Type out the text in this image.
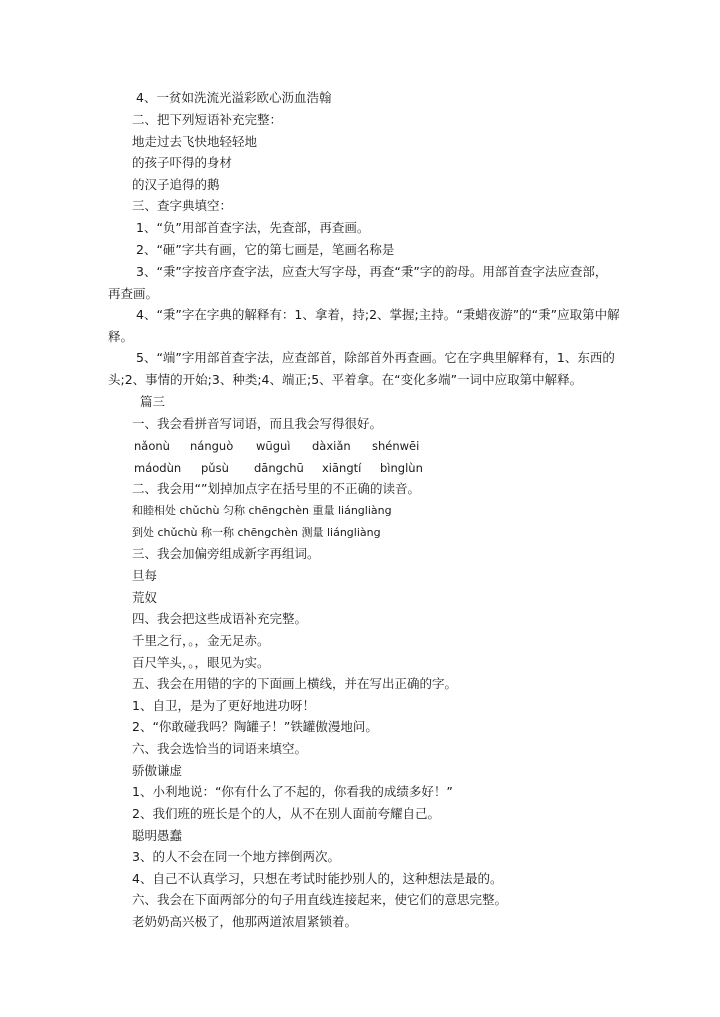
4、一贫如洗流光溢彩欧心沥血浩翰
二、把下列短语补充完整：
地走过去飞快地轻轻地
的孩子吓得的身材
的汉子追得的鹅
三、查字典填空：
1、“负”用部首查字法，先查部，再查画。
2、“砸”字共有画，它的第七画是，笔画名称是
3、“秉”字按音序查字法，应查大写字母，再查“秉”字的韵母。用部首查字法应查部，
再查画。
4、“秉”字在字典的解释有：1、拿着，持;2、掌握;主持。“秉蜡夜游”的“秉”应取第中解
释。
5、“端”字用部首查字法，应查部首，除部首外再查画。它在字典里解释有，1、东西的
头;2、事情的开始;3、种类;4、端正;5、平着拿。在“变化多端”一词中应取第中解释。
篇三
一、我会看拼音写词语，而且我会写得很好。
nǎonù nánguò wūguì dàxiǎn shénwēi
máodùn pǔsù dāngchū xiāngtí bìnglùn
二、我会用“”划掉加点字在括号里的不正确的读音。
和睦相处 chǔchù 匀称 chēngchèn 重量 liángliàng
到处 chǔchù 称一称 chēngchèn 测量 liángliàng
三、我会加偏旁组成新字再组词。
旦每
荒奴
四、我会把这些成语补充完整。
千里之行，。，金无足赤。
百尺竿头，。，眼见为实。
五、我会在用错的字的下面画上横线，并在写出正确的字。
1、自卫，是为了更好地进功呀！
2、“你敢碰我吗？陶罐子！”铁罐傲漫地问。
六、我会选恰当的词语来填空。
骄傲谦虚
1、小利地说：“你有什么了不起的，你看我的成绩多好！”
2、我们班的班长是个的人，从不在别人面前夸耀自己。
聪明愚蠢
3、的人不会在同一个地方摔倒两次。
4、自己不认真学习，只想在考试时能抄别人的，这种想法是最的。
六、我会在下面两部分的句子用直线连接起来，使它们的意思完整。
老奶奶高兴极了，他那两道浓眉紧锁着。
